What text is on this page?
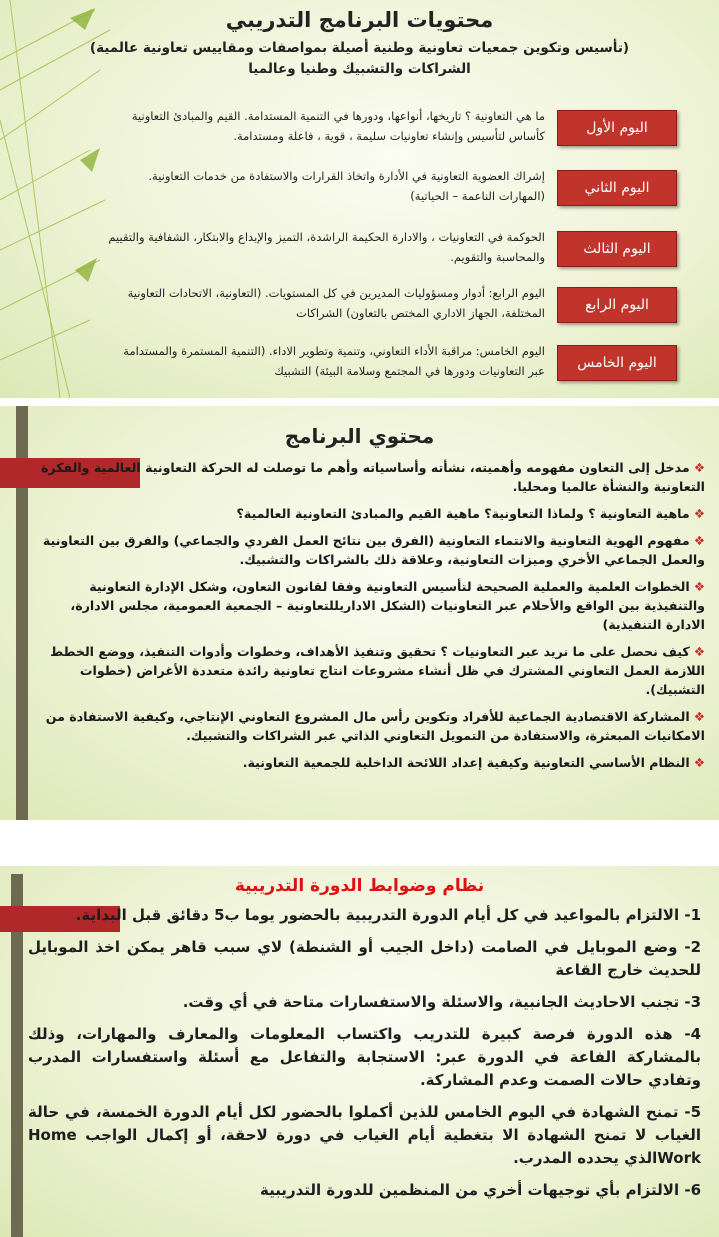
محتويات البرنامج التدريبي
(تأسيس وتكوين جمعيات تعاونية وطنية أصيلة بمواصفات ومقاييس تعاونية عالمية)
الشراكات والتشبيك وطنيا وعالميا
اليوم الأول
ما هي التعاونية ؟ تاريخها، أنواعها، ودورها في التنمية المستدامة. القيم والمبادئ التعاونية كأساس لتأسيس وإنشاء تعاونيات سليمة ، قوية ، فاعلة ومستدامة.
اليوم الثاني
إشراك العضوية التعاونية في الأدارة واتخاذ القرارات والاستفادة من خدمات التعاونية. (المهارات الناعمة – الحياتية)
اليوم الثالث
الحوكمة في التعاونيات ، والادارة الحكيمة الراشدة، التميز والإبداع والابتكار، الشفافية والتقييم والمحاسبة والتقويم.
اليوم الرابع
اليوم الرابع: أدوار ومسؤوليات المديرين في كل المستويات. (التعاونية، الاتحادات التعاونية المختلفة، الجهاز الاداري المختص بالتعاون) الشراكات
اليوم الخامس
اليوم الخامس: مراقبة الأداء التعاوني، وتنمية وتطوير الاداء. (التنمية المستمرة والمستدامة عبر التعاونيات ودورها في المجتمع وسلامة البيئة) التشبيك
محتوي البرنامج
❖مدخل إلى التعاون مفهومه وأهميته، نشأته وأساسياته وأهم ما توصلت له الحركة التعاونية العالمية والفكرة التعاونية والنشأة عالميا ومحليا.
❖ماهية التعاونية ؟ ولماذا التعاونية؟ ماهية القيم والمبادئ التعاونية العالمية؟
❖مفهوم الهوية التعاونية والانتماء التعاونية (الفرق بين نتائج العمل الفردي والجماعي) والفرق بين التعاونية والعمل الجماعي الأخري وميزات التعاونية، وعلاقة ذلك بالشراكات والتشبيك.
❖الخطوات العلمية والعملية الصحيحة لتأسيس التعاونية وفقا لقانون التعاون، وشكل الإدارة التعاونية والتنفيذية بين الواقع والأحلام عبر التعاونيات (الشكل الاداريللتعاونية – الجمعية العمومية، مجلس الادارة، الادارة التنفيذية)
❖كيف نحصل على ما نريد عبر التعاونيات ؟ تحقيق وتنفيذ الأهداف، وخطوات وأدوات التنفيذ، ووضع الخطط اللازمة العمل التعاوني المشترك في ظل أنشاء مشروعات انتاج تعاونية رائدة متعددة الأغراض (خطوات التشبيك).
❖المشاركة الاقتصادية الجماعية للأفراد وتكوين رأس مال المشروع التعاوني الإنتاجي، وكيفية الاستفادة من الامكانيات المبعثرة، والاستفادة من التمويل التعاوني الذاتي عبر الشراكات والتشبيك.
❖النظام الأساسي التعاونية وكيفية إعداد اللائحة الداخلية للجمعية التعاونية.
نظام وضوابط الدورة التدريبية
1- الالتزام بالمواعيد في كل أيام الدورة التدريبية بالحضور يوما ب5 دقائق قبل البداية.
2- وضع الموبايل في الصامت (داخل الجيب أو الشنطة) لاي سبب قاهر يمكن اخذ الموبايل للحديث خارج القاعة
3- تجنب الاحاديث الجانبية، والاسئلة والاستفسارات متاحة في أي وقت.
4- هذه الدورة فرصة كبيرة للتدريب واكتساب المعلومات والمعارف والمهارات، وذلك بالمشاركة الفاعة في الدورة عبر: الاستجابة والتفاعل مع أسئلة واستفسارات المدرب وتفادي حالات الصمت وعدم المشاركة.
5- تمنح الشهادة في اليوم الخامس للذين أكملوا بالحضور لكل أيام الدورة الخمسة، في حالة الغياب لا تمنح الشهادة الا بتغطية أيام الغياب في دورة لاحقة، أو إكمال الواجب Home Workالذي يحدده المدرب.
6- الالتزام بأي توجيهات أخري من المنظمين للدورة التدريبية
